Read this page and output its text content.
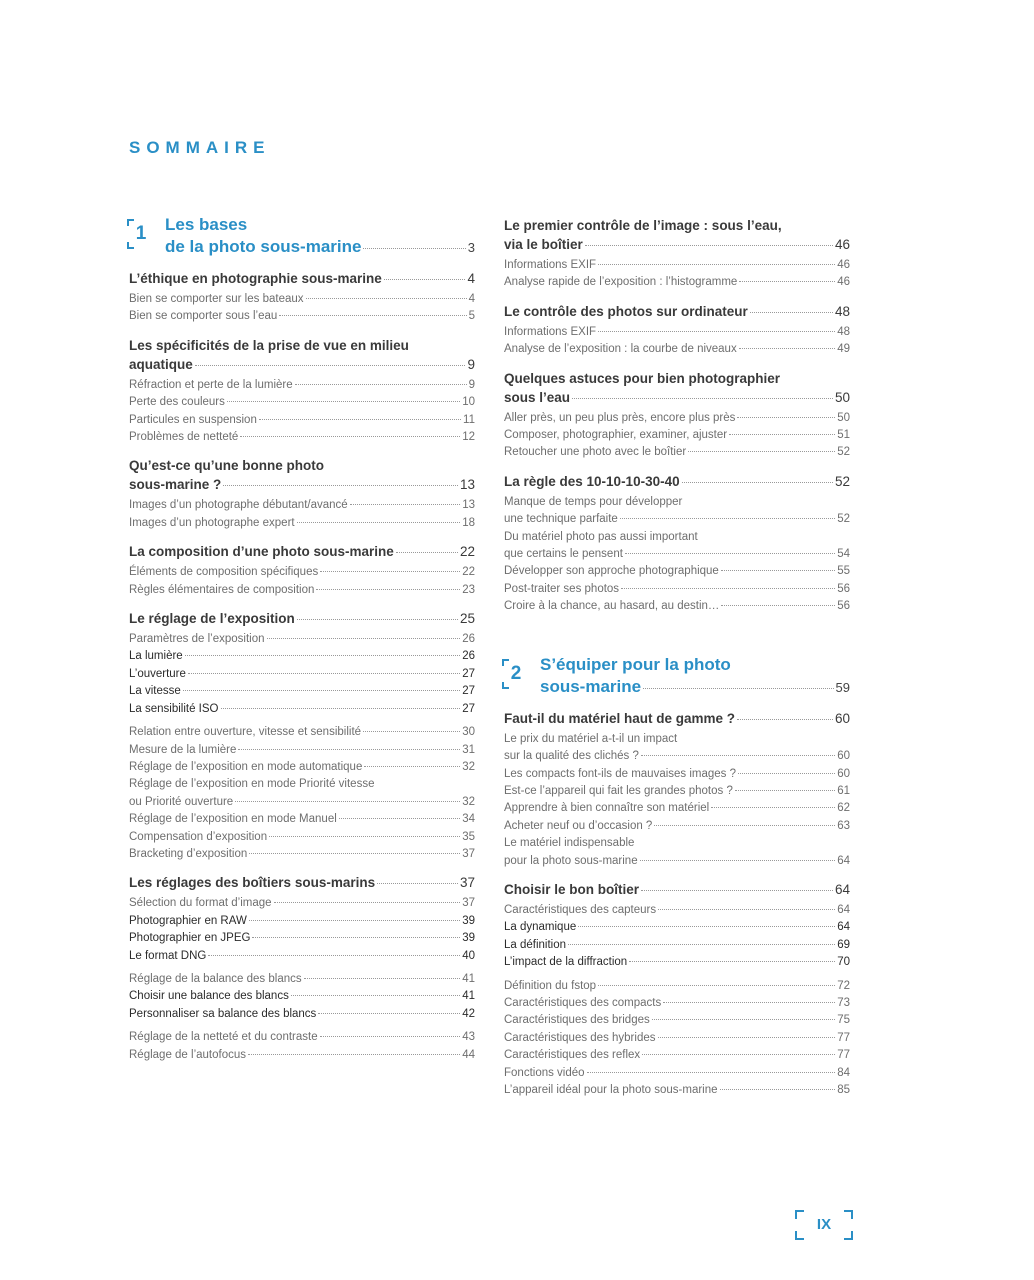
SOMMAIRE
1	Les bases
de la photo sous-marine	3
L’éthique en photographie sous-marine	4
Bien se comporter sur les bateaux	4
Bien se comporter sous l’eau	5
Les spécificités de la prise de vue en milieu
aquatique	9
Réfraction et perte de la lumière	9
Perte des couleurs	10
Particules en suspension	11
Problèmes de netteté	12
Qu’est-ce qu’une bonne photo
sous-marine ?	13
Images d’un photographe débutant/avancé	13
Images d’un photographe expert	18
La composition d’une photo sous-marine	22
Éléments de composition spécifiques	22
Règles élémentaires de composition	23
Le réglage de l’exposition	25
Paramètres de l’exposition	26
La lumière	26
L’ouverture	27
La vitesse	27
La sensibilité ISO	27
Relation entre ouverture, vitesse et sensibilité	30
Mesure de la lumière	31
Réglage de l’exposition en mode automatique	32
Réglage de l’exposition en mode Priorité vitesse
ou Priorité ouverture	32
Réglage de l’exposition en mode Manuel	34
Compensation d’exposition	35
Bracketing d’exposition	37
Les réglages des boîtiers sous-marins	37
Sélection du format d’image	37
Photographier en RAW	39
Photographier en JPEG	39
Le format DNG	40
Réglage de la balance des blancs	41
Choisir une balance des blancs	41
Personnaliser sa balance des blancs	42
Réglage de la netteté et du contraste	43
Réglage de l’autofocus	44
Le premier contrôle de l’image : sous l’eau,
via le boîtier	46
Informations EXIF	46
Analyse rapide de l’exposition : l’histogramme	46
Le contrôle des photos sur ordinateur	48
Informations EXIF	48
Analyse de l’exposition : la courbe de niveaux	49
Quelques astuces pour bien photographier
sous l’eau	50
Aller près, un peu plus près, encore plus près	50
Composer, photographier, examiner, ajuster	51
Retoucher une photo avec le boîtier	52
La règle des 10-10-10-30-40	52
Manque de temps pour développer
une technique parfaite	52
Du matériel photo pas aussi important
que certains le pensent	54
Développer son approche photographique	55
Post-traiter ses photos	56
Croire à la chance, au hasard, au destin…	56
2	S’équiper pour la photo
sous-marine	59
Faut-il du matériel haut de gamme ?	60
Le prix du matériel a-t-il un impact
sur la qualité des clichés ?	60
Les compacts font-ils de mauvaises images ?	60
Est-ce l’appareil qui fait les grandes photos ?	61
Apprendre à bien connaître son matériel	62
Acheter neuf ou d’occasion ?	63
Le matériel indispensable
pour la photo sous-marine	64
Choisir le bon boîtier	64
Caractéristiques des capteurs	64
La dynamique	64
La définition	69
L’impact de la diffraction	70
Définition du fstop	72
Caractéristiques des compacts	73
Caractéristiques des bridges	75
Caractéristiques des hybrides	77
Caractéristiques des reflex	77
Fonctions vidéo	84
L’appareil idéal pour la photo sous-marine	85
IX
